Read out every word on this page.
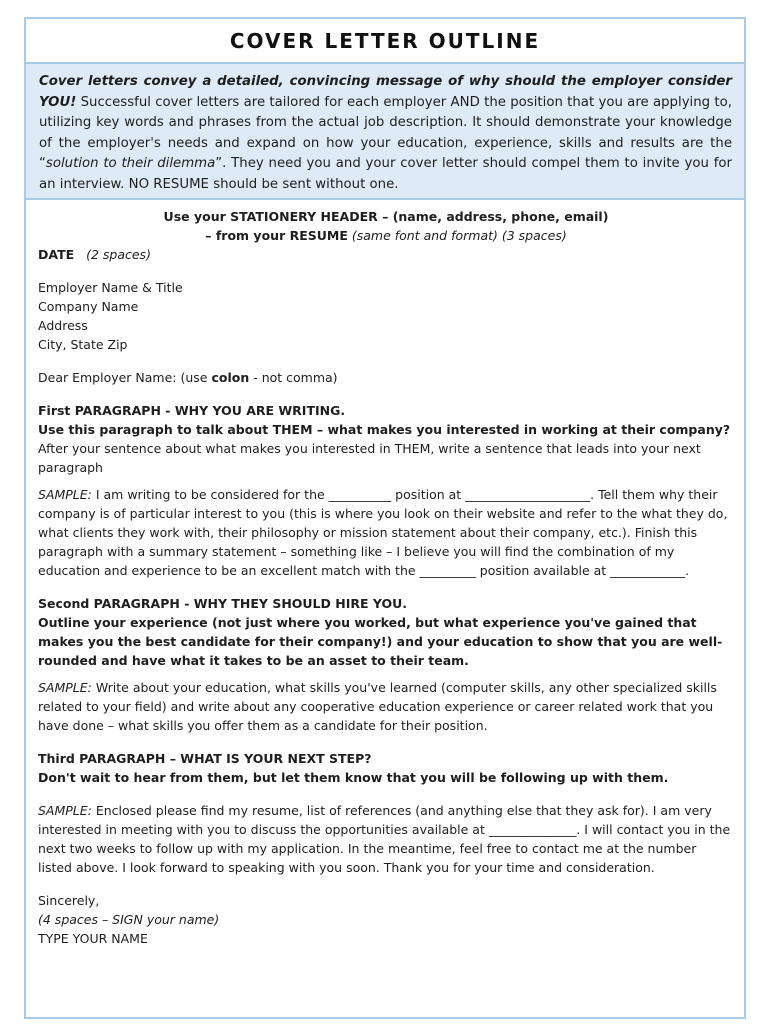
COVER LETTER OUTLINE
Cover letters convey a detailed, convincing message of why should the employer consider YOU! Successful cover letters are tailored for each employer AND the position that you are applying to, utilizing key words and phrases from the actual job description. It should demonstrate your knowledge of the employer's needs and expand on how your education, experience, skills and results are the “solution to their dilemma”. They need you and your cover letter should compel them to invite you for an interview. NO RESUME should be sent without one.

Use your STATIONERY HEADER – (name, address, phone, email)

– from your RESUME (same font and format) (3 spaces)

DATE (2 spaces)

Employer Name & Title

Company Name

Address

City, State Zip

Dear Employer Name: (use colon - not comma)

First PARAGRAPH - WHY YOU ARE WRITING.

Use this paragraph to talk about THEM – what makes you interested in working at their company?

After your sentence about what makes you interested in THEM, write a sentence that leads into your next paragraph

SAMPLE: I am writing to be considered for the __________ position at ____________________. Tell them why their company is of particular interest to you (this is where you look on their website and refer to the what they do, what clients they work with, their philosophy or mission statement about their company, etc.). Finish this paragraph with a summary statement – something like – I believe you will find the combination of my education and experience to be an excellent match with the _________ position available at ____________.

Second PARAGRAPH - WHY THEY SHOULD HIRE YOU.

Outline your experience (not just where you worked, but what experience you've gained that makes you the best candidate for their company!) and your education to show that you are well-rounded and have what it takes to be an asset to their team.

SAMPLE: Write about your education, what skills you've learned (computer skills, any other specialized skills related to your field) and write about any cooperative education experience or career related work that you have done – what skills you offer them as a candidate for their position.

Third PARAGRAPH – WHAT IS YOUR NEXT STEP?

Don't wait to hear from them, but let them know that you will be following up with them.

SAMPLE: Enclosed please find my resume, list of references (and anything else that they ask for). I am very interested in meeting with you to discuss the opportunities available at ______________. I will contact you in the next two weeks to follow up with my application. In the meantime, feel free to contact me at the number listed above. I look forward to speaking with you soon. Thank you for your time and consideration.

Sincerely,

(4 spaces – SIGN your name)

TYPE YOUR NAME
